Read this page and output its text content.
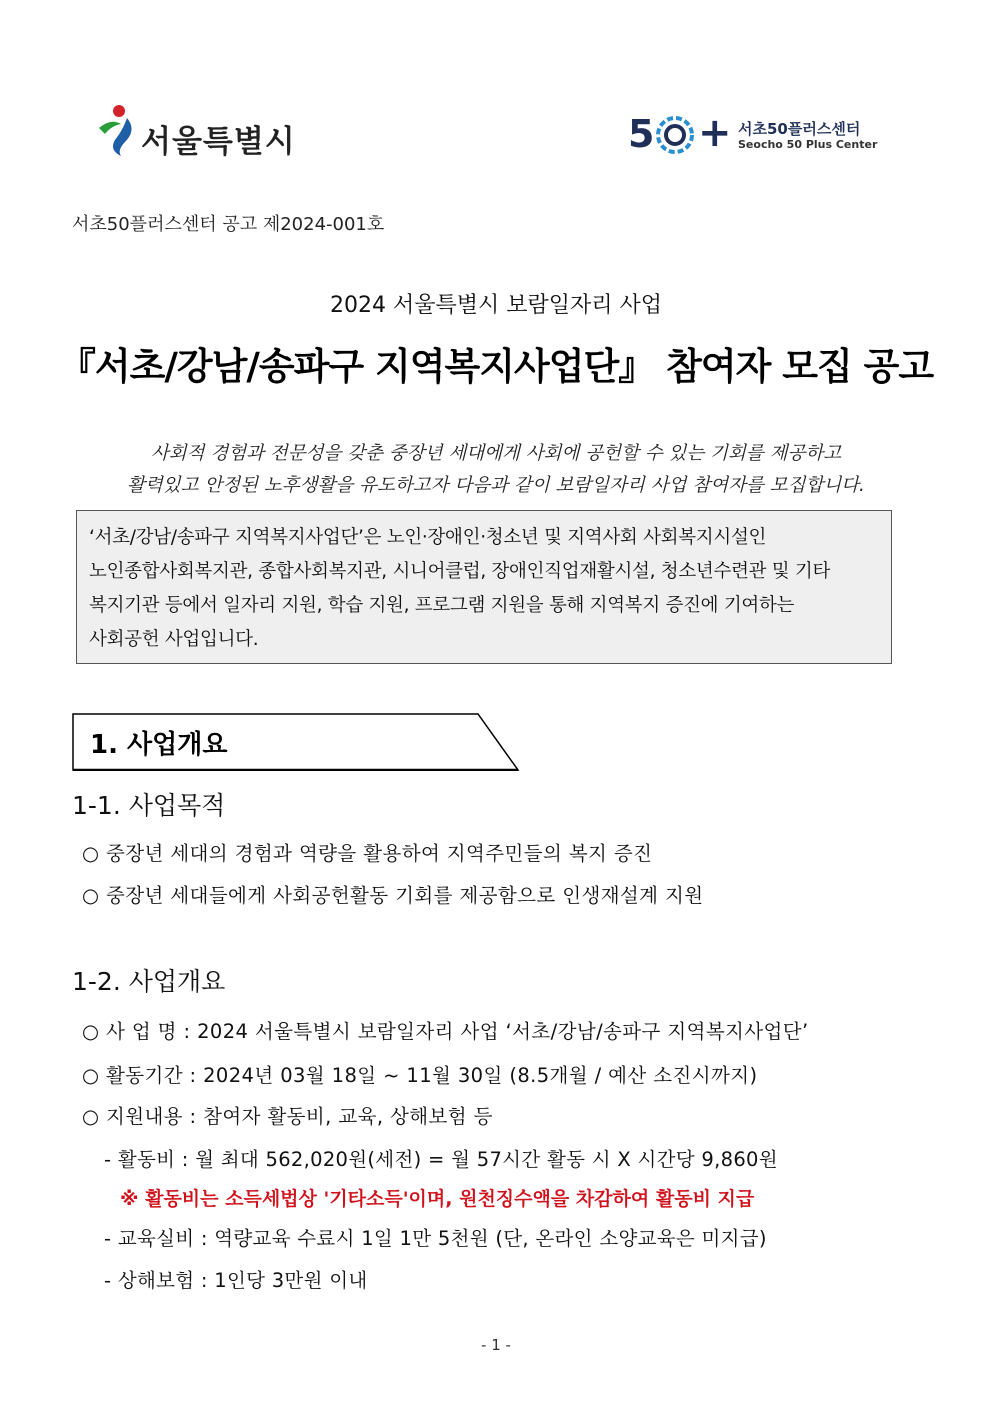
서울특별시	5 + 서초50플러스센터
Seocho 50 Plus Center
서초50플러스센터 공고 제2024-001호
2024 서울특별시 보람일자리 사업
『서초/강남/송파구 지역복지사업단』 참여자 모집 공고
사회적 경험과 전문성을 갖춘 중장년 세대에게 사회에 공헌할 수 있는 기회를 제공하고
활력있고 안정된 노후생활을 유도하고자 다음과 같이 보람일자리 사업 참여자를 모집합니다.

‘서초/강남/송파구 지역복지사업단’은 노인·장애인·청소년 및 지역사회 사회복지시설인

노인종합사회복지관, 종합사회복지관, 시니어클럽, 장애인직업재활시설, 청소년수련관 및 기타

복지기관 등에서 일자리 지원, 학습 지원, 프로그램 지원을 통해 지역복지 증진에 기여하는

사회공헌 사업입니다.

1. 사업개요
1-1. 사업목적
○ 중장년 세대의 경험과 역량을 활용하여 지역주민들의 복지 증진
○ 중장년 세대들에게 사회공헌활동 기회를 제공함으로 인생재설계 지원
1-2. 사업개요
○ 사 업 명 : 2024 서울특별시 보람일자리 사업 ‘서초/강남/송파구 지역복지사업단’
○ 활동기간 : 2024년 03월 18일 ~ 11월 30일 (8.5개월 / 예산 소진시까지)
○ 지원내용 : 참여자 활동비, 교육, 상해보험 등
- 활동비 : 월 최대 562,020원(세전) = 월 57시간 활동 시 X 시간당 9,860원
※ 활동비는 소득세법상 '기타소득'이며, 원천징수액을 차감하여 활동비 지급
- 교육실비 : 역량교육 수료시 1일 1만 5천원 (단, 온라인 소양교육은 미지급)
- 상해보험 : 1인당 3만원 이내
- 1 -
